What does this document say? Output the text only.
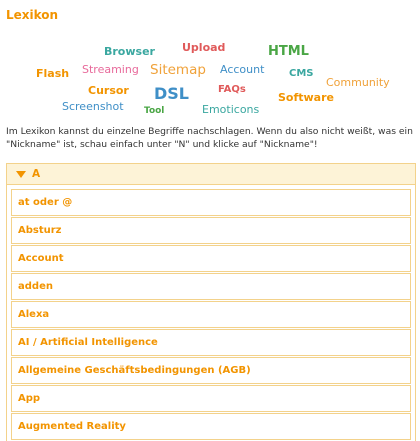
Lexikon
Browser Upload	HTML
Flash Streaming Sitemap Account CMS
Community
Cursor DSL	FAQs
Software
Screenshot Tool	Emoticons

Im Lexikon kannst du einzelne Begriffe nachschlagen. Wenn du also nicht weißt, was ein "Nickname" ist, schau einfach unter "N" und klicke auf "Nickname"!

A
at oder @
Absturz
Account
adden
Alexa
AI / Artificial Intelligence
Allgemeine Geschäftsbedingungen (AGB)
App
Augmented Reality
